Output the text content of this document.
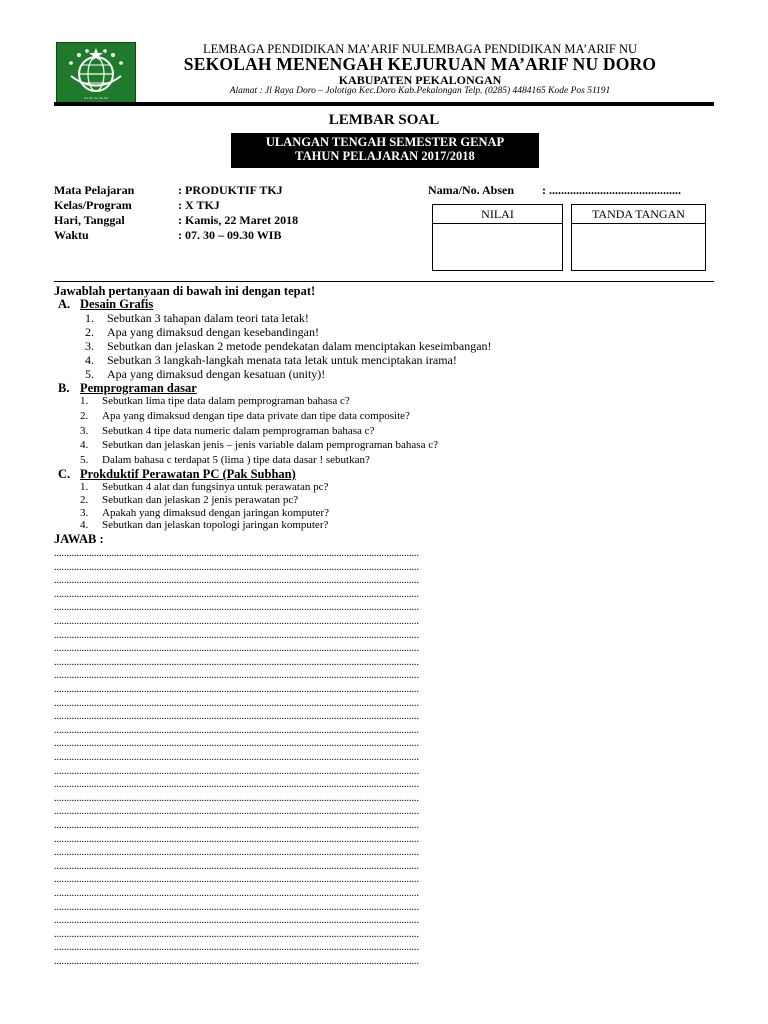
~~~~~
LEMBAGA PENDIDIKAN MA’ARIF NULEMBAGA PENDIDIKAN MA’ARIF NU
SEKOLAH MENENGAH KEJURUAN MA’ARIF NU DORO
KABUPATEN PEKALONGAN
Alamat : Jl Raya Doro – Jolotigo Kec.Doro Kab.Pekalongan Telp. (0285) 4484165 Kode Pos 51191
LEMBAR SOAL
ULANGAN TENGAH SEMESTER GENAP
TAHUN PELAJARAN 2017/2018
Mata Pelajaran	: PRODUKTIF TKJ
Kelas/Program	: X TKJ
Hari, Tanggal	: Kamis, 22 Maret 2018
Waktu	: 07. 30 – 09.30 WIB
Nama/No. Absen : ............................................
NILAI	TANDA TANGAN
Jawablah pertanyaan di bawah ini dengan tepat!
A. Desain Grafis
1. Sebutkan 3 tahapan dalam teori tata letak!
2. Apa yang dimaksud dengan kesebandingan!
3. Sebutkan dan jelaskan 2 metode pendekatan dalam menciptakan keseimbangan!
4. Sebutkan 3 langkah-langkah menata tata letak untuk menciptakan irama!
5. Apa yang dimaksud dengan kesatuan (unity)!
B. Pemprograman dasar
1. Sebutkan lima tipe data dalam pemprograman bahasa c?
2. Apa yang dimaksud dengan tipe data private dan tipe data composite?
3. Sebutkan 4 tipe data numeric dalam pemprograman bahasa c?
4. Sebutkan dan jelaskan jenis – jenis variable dalam pemprograman bahasa c?
5. Dalam bahasa c terdapat 5 (lima ) tipe data dasar ! sebutkan?
C. Prokduktif Perawatan PC (Pak Subhan)
1. Sebutkan 4 alat dan fungsinya untuk perawatan pc?
2. Sebutkan dan jelaskan 2 jenis perawatan pc?
3. Apakah yang dimaksud dengan jaringan komputer?
4. Sebutkan dan jelaskan topologi jaringan komputer?
JAWAB :
..................................................................................................................................................
..................................................................................................................................................
..................................................................................................................................................
..................................................................................................................................................
..................................................................................................................................................
..................................................................................................................................................
..................................................................................................................................................
..................................................................................................................................................
..................................................................................................................................................
..................................................................................................................................................
..................................................................................................................................................
..................................................................................................................................................
..................................................................................................................................................
..................................................................................................................................................
..................................................................................................................................................
..................................................................................................................................................
..................................................................................................................................................
..................................................................................................................................................
..................................................................................................................................................
..................................................................................................................................................
..................................................................................................................................................
..................................................................................................................................................
..................................................................................................................................................
..................................................................................................................................................
..................................................................................................................................................
..................................................................................................................................................
..................................................................................................................................................
..................................................................................................................................................
..................................................................................................................................................
..................................................................................................................................................
..................................................................................................................................................
